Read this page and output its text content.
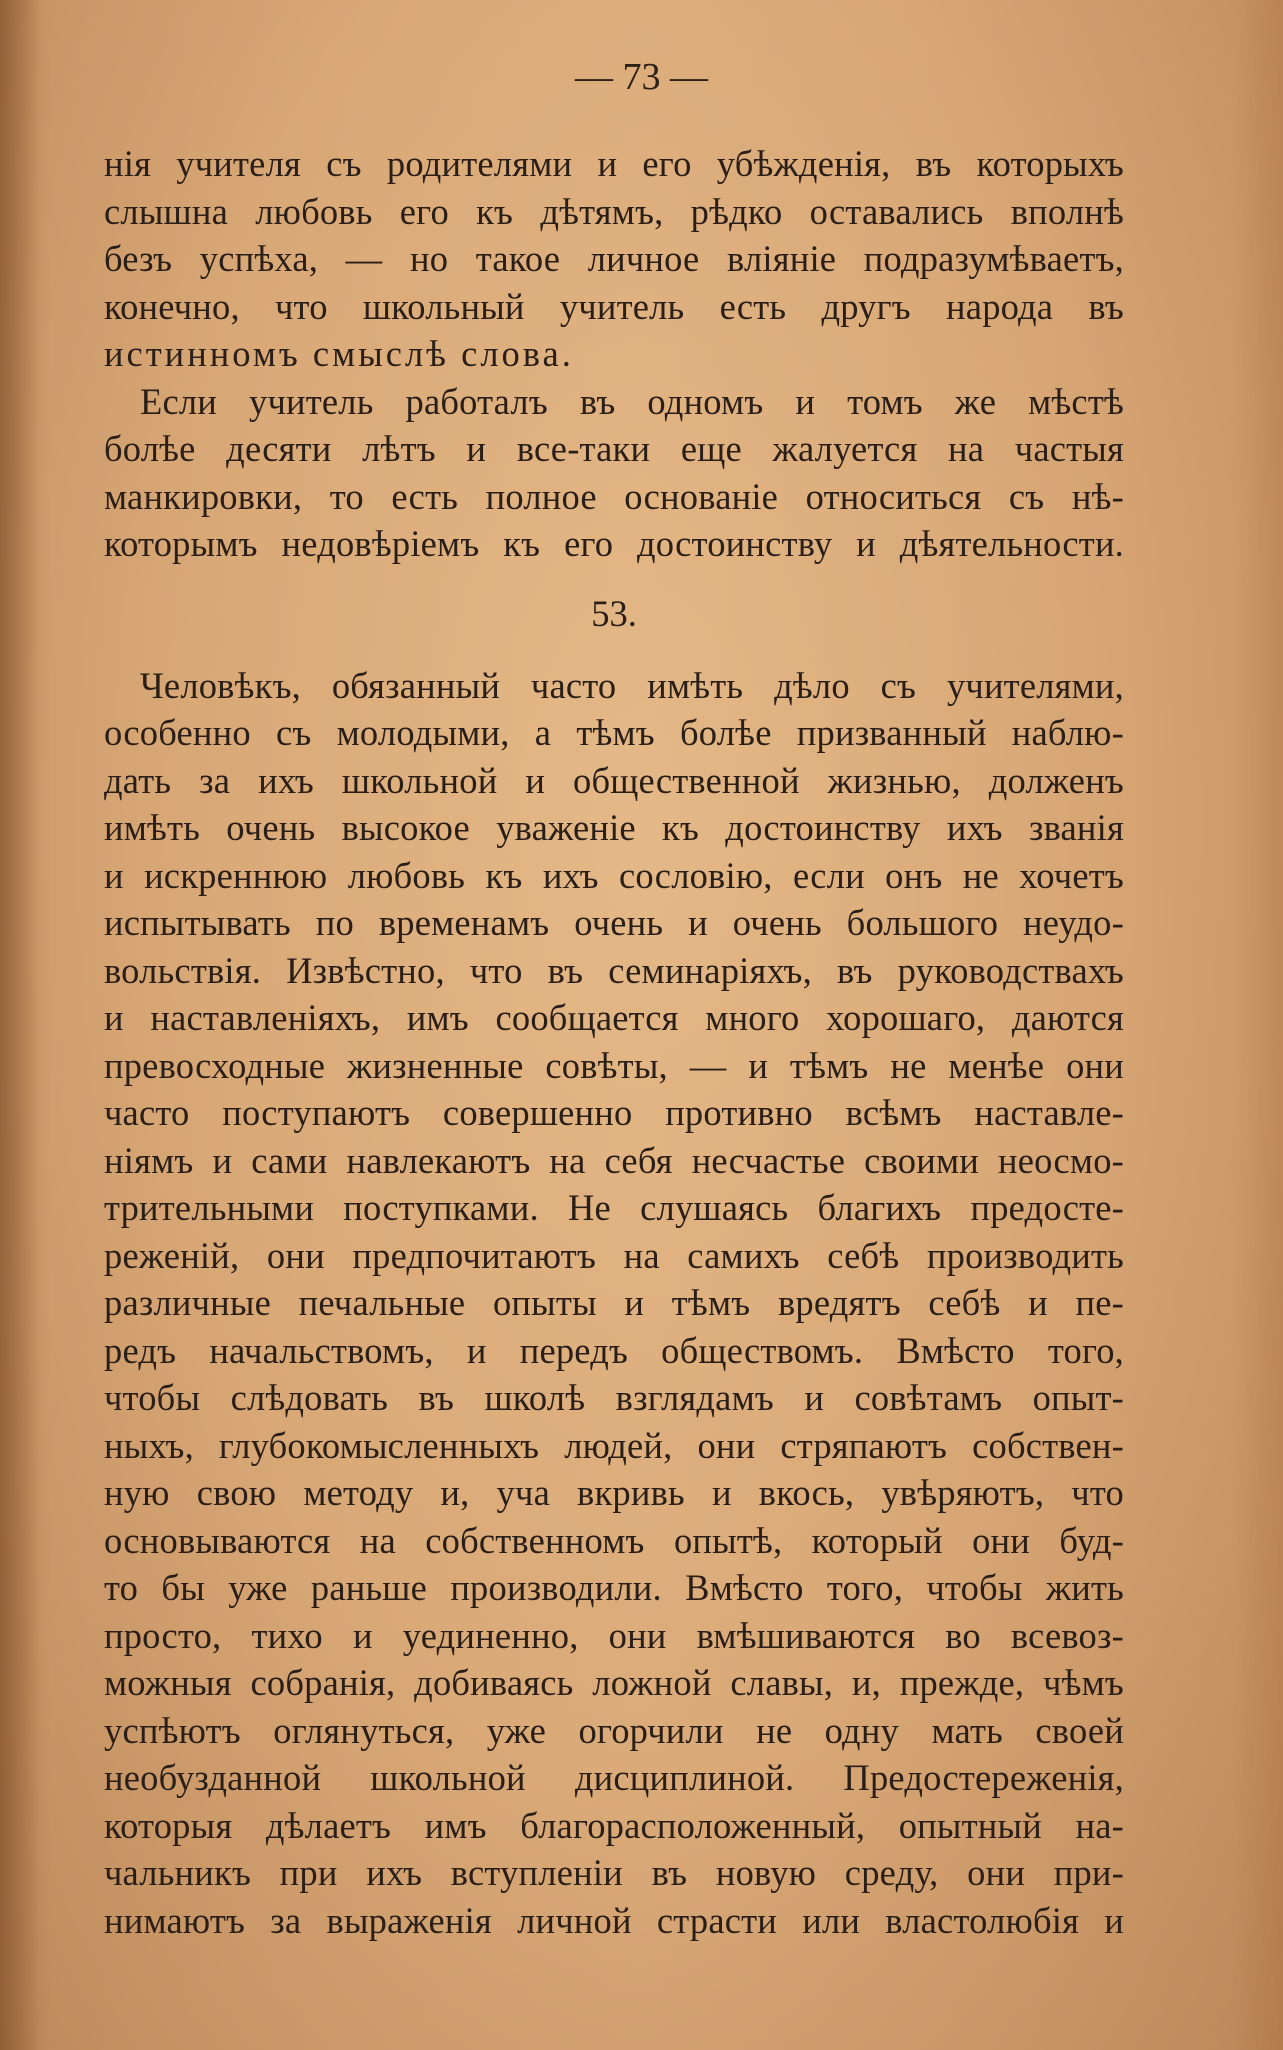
— 73 —
нія учителя съ родителями и его убѣжденія, въ которыхъ
слышна любовь его къ дѣтямъ, рѣдко оставались вполнѣ
безъ успѣха, — но такое личное вліяніе подразумѣваетъ,
конечно, что школьный учитель есть другъ народа въ
истинномъ смыслѣ слова.
Если учитель работалъ въ одномъ и томъ же мѣстѣ
болѣе десяти лѣтъ и все-таки еще жалуется на частыя
манкировки, то есть полное основаніе относиться съ нѣ-
которымъ недовѣріемъ къ его достоинству и дѣятельности.
53.
Человѣкъ, обязанный часто имѣть дѣло съ учителями,
особенно съ молодыми, а тѣмъ болѣе призванный наблю-
дать за ихъ школьной и общественной жизнью, долженъ
имѣть очень высокое уваженіе къ достоинству ихъ званія
и искреннюю любовь къ ихъ сословію, если онъ не хочетъ
испытывать по временамъ очень и очень большого неудо-
вольствія. Извѣстно, что въ семинаріяхъ, въ руководствахъ
и наставленіяхъ, имъ сообщается много хорошаго, даются
превосходные жизненные совѣты, — и тѣмъ не менѣе они
часто поступаютъ совершенно противно всѣмъ наставле-
ніямъ и сами навлекаютъ на себя несчастье своими неосмо-
трительными поступками. Не слушаясь благихъ предосте-
реженій, они предпочитаютъ на самихъ себѣ производить
различные печальные опыты и тѣмъ вредятъ себѣ и пе-
редъ начальствомъ, и передъ обществомъ. Вмѣсто того,
чтобы слѣдовать въ школѣ взглядамъ и совѣтамъ опыт-
ныхъ, глубокомысленныхъ людей, они стряпаютъ собствен-
ную свою методу и, уча вкривь и вкось, увѣряютъ, что
основываются на собственномъ опытѣ, который они буд-
то бы уже раньше производили. Вмѣсто того, чтобы жить
просто, тихо и уединенно, они вмѣшиваются во всевоз-
можныя собранія, добиваясь ложной славы, и, прежде, чѣмъ
успѣютъ оглянуться, уже огорчили не одну мать своей
необузданной школьной дисциплиной. Предостереженія,
которыя дѣлаетъ имъ благорасположенный, опытный на-
чальникъ при ихъ вступленіи въ новую среду, они при-
нимаютъ за выраженія личной страсти или властолюбія и
